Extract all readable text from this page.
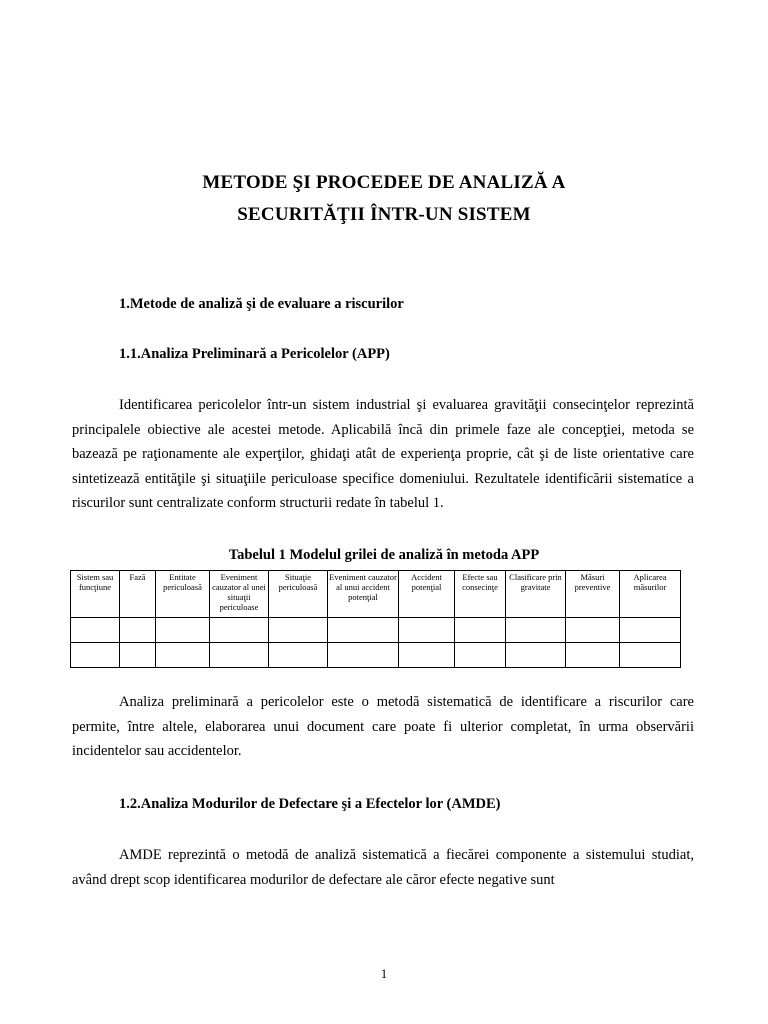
METODE ŞI PROCEDEE DE ANALIZĂ A
SECURITĂŢII ÎNTR-UN SISTEM
1.Metode de analiză şi de evaluare a riscurilor
1.1.Analiza Preliminară a Pericolelor (APP)
Identificarea pericolelor într-un sistem industrial şi evaluarea gravităţii consecinţelor reprezintă principalele obiective ale acestei metode. Aplicabilă încă din primele faze ale concepţiei, metoda se bazează pe raţionamente ale experţilor, ghidaţi atât de experienţa proprie, cât şi de liste orientative care sintetizează entităţile şi situaţiile periculoase specifice domeniului. Rezultatele identificării sistematice a riscurilor sunt centralizate conform structurii redate în tabelul 1.
Tabelul 1 Modelul grilei de analiză în metoda APP
Sistem sau funcţiune	Fază	Entitate periculoasă	Eveniment cauzator al unei situaţii periculoase	Situaţie periculoasă	Eveniment cauzator al unui accident potenţial	Accident potenţial	Efecte sau consecinţe	Clasificare prin gravitate	Măsuri preventive	Aplicarea măsurilor

Analiza preliminară a pericolelor este o metodă sistematică de identificare a riscurilor care permite, între altele, elaborarea unui document care poate fi ulterior completat, în urma observării incidentelor sau accidentelor.
1.2.Analiza Modurilor de Defectare şi a Efectelor lor (AMDE)
AMDE reprezintă o metodă de analiză sistematică a fiecărei componente a sistemului studiat, având drept scop identificarea modurilor de defectare ale căror efecte negative sunt
1
